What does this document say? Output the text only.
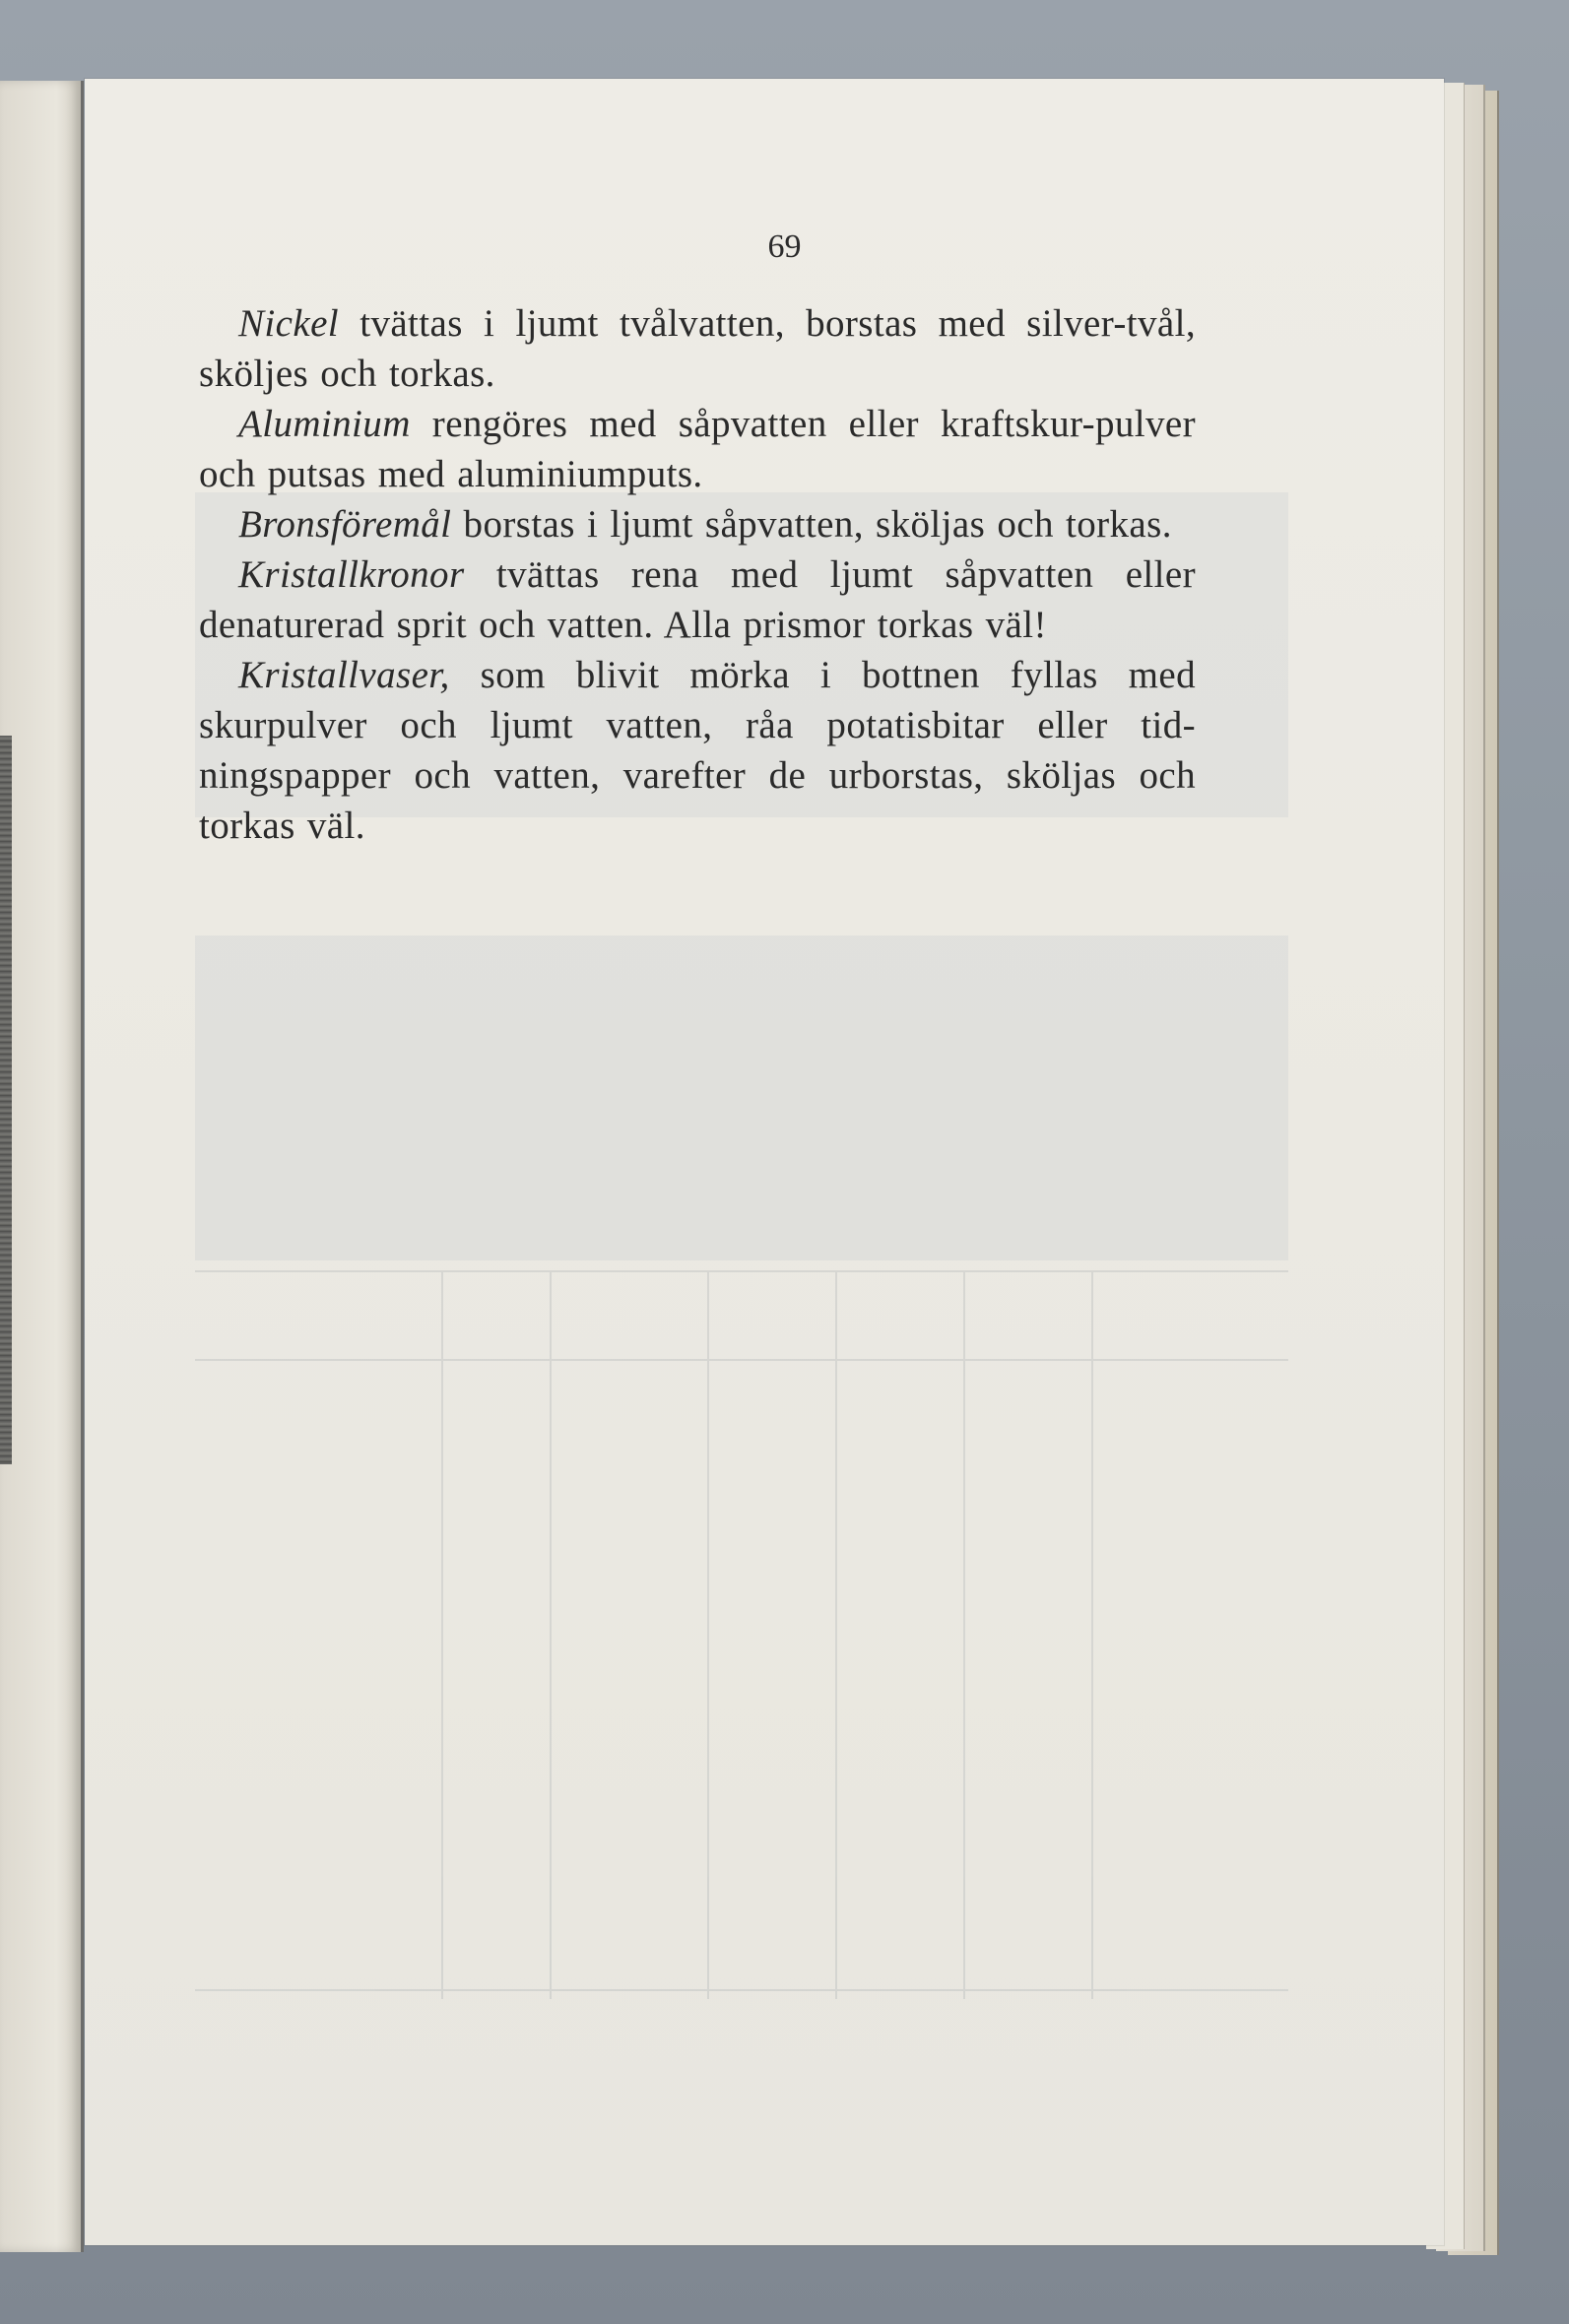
69

Nickel tvättas i ljumt tvålvatten, borstas med silver-tvål, sköljes och torkas.

Aluminium rengöres med såpvatten eller kraftskur-pulver och putsas med aluminiumputs.

Bronsföremål borstas i ljumt såpvatten, sköljas och torkas.

Kristallkronor tvättas rena med ljumt såpvatten eller denaturerad sprit och vatten. Alla prismor torkas väl!

Kristallvaser, som blivit mörka i bottnen fyllas med skurpulver och ljumt vatten, råa potatisbitar eller tid-ningspapper och vatten, varefter de urborstas, sköljas och torkas väl.
